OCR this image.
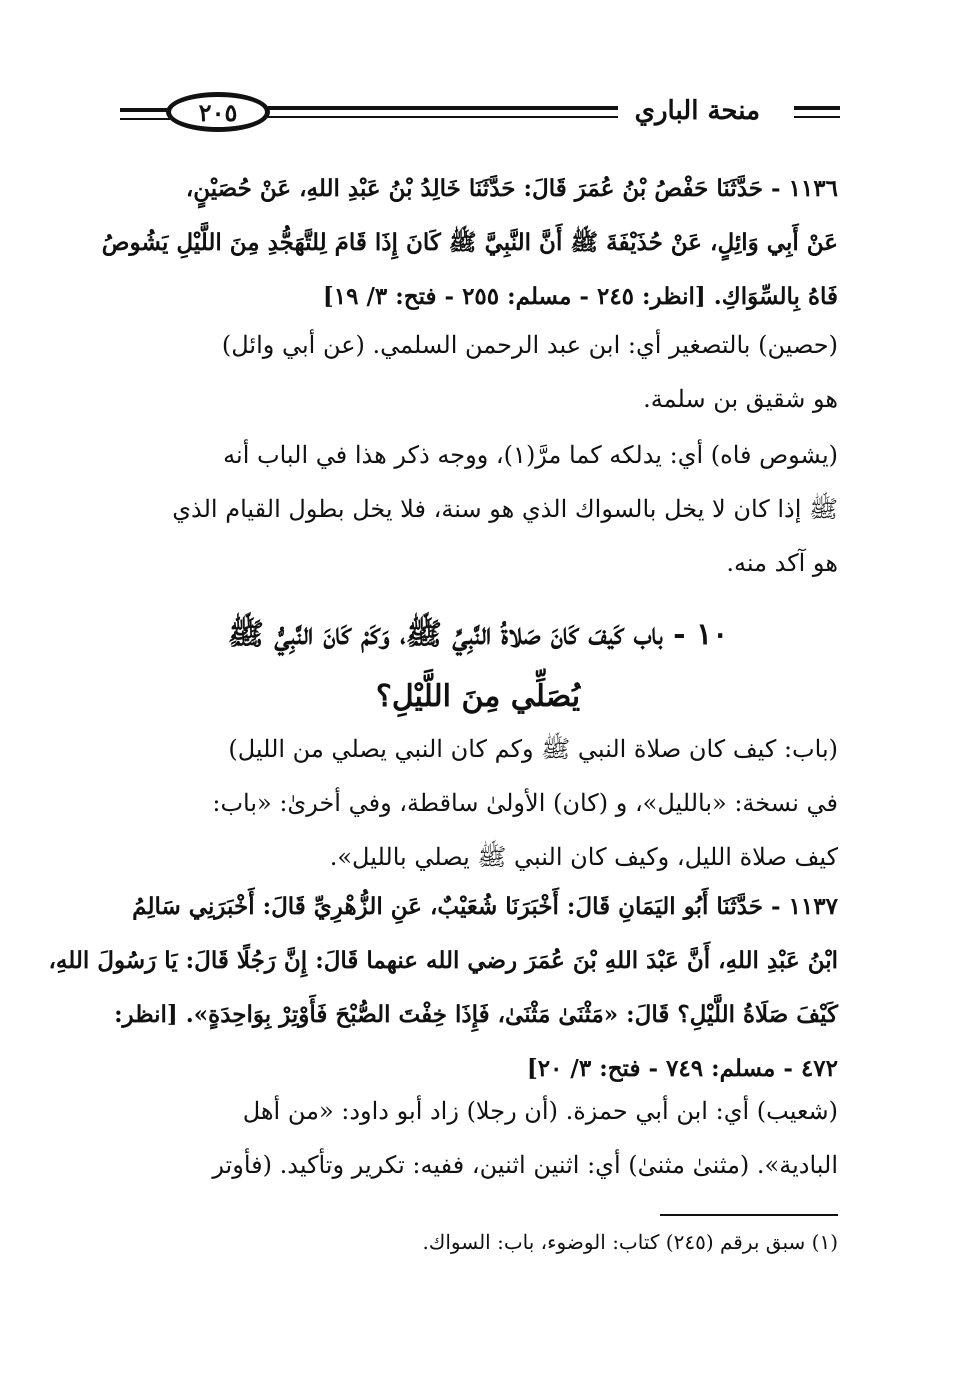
٢٠٥	منحة الباري
١١٣٦ - حَدَّثَنَا حَفْصُ بْنُ عُمَرَ قَالَ: حَدَّثَنَا خَالِدُ بْنُ عَبْدِ اللهِ، عَنْ حُصَيْنٍ،
عَنْ أَبِي وَائِلٍ، عَنْ حُذَيْفَةَ ﷺ أَنَّ النَّبِيَّ ﷺ كَانَ إِذَا قَامَ لِلتَّهَجُّدِ مِنَ اللَّيْلِ يَشُوصُ
فَاهُ بِالسِّوَاكِ. [انظر: ٢٤٥ - مسلم: ٢٥٥ - فتح: ٣/ ١٩]
(حصين) بالتصغير أي: ابن عبد الرحمن السلمي. (عن أبي وائل)
هو شقيق بن سلمة.
(يشوص فاه) أي: يدلكه كما مرَّ(١)، ووجه ذكر هذا في الباب أنه
ﷺ إذا كان لا يخل بالسواك الذي هو سنة، فلا يخل بطول القيام الذي
هو آكد منه.
١٠ - باب كَيفَ كَانَ صَلاةُ النَّبِيِّ ﷺ، وَكَمْ كَانَ النَّبِيُّ ﷺ
يُصَلِّي مِنَ اللَّيْلِ؟
(باب: كيف كان صلاة النبي ﷺ وكم كان النبي يصلي من الليل)
في نسخة: «بالليل»، و (كان) الأولىٰ ساقطة، وفي أخرىٰ: «باب:
كيف صلاة الليل، وكيف كان النبي ﷺ يصلي بالليل».
١١٣٧ - حَدَّثَنَا أَبُو اليَمَانِ قَالَ: أَخْبَرَنَا شُعَيْبٌ، عَنِ الزُّهْرِيِّ قَالَ: أَخْبَرَنِي سَالِمُ
ابْنُ عَبْدِ اللهِ، أَنَّ عَبْدَ اللهِ بْنَ عُمَرَ رضي الله عنهما قَالَ: إِنَّ رَجُلًا قَالَ: يَا رَسُولَ اللهِ،
كَيْفَ صَلَاةُ اللَّيْلِ؟ قَالَ: «مَثْنَىٰ مَثْنَىٰ، فَإِذَا خِفْتَ الصُّبْحَ فَأَوْتِرْ بِوَاحِدَةٍ». [انظر:
٤٧٢ - مسلم: ٧٤٩ - فتح: ٣/ ٢٠]
(شعيب) أي: ابن أبي حمزة. (أن رجلا) زاد أبو داود: «من أهل
البادية». (مثنىٰ مثنىٰ) أي: اثنين اثنين، ففيه: تكرير وتأكيد. (فأوتر
(١) سبق برقم (٢٤٥) كتاب: الوضوء، باب: السواك.
